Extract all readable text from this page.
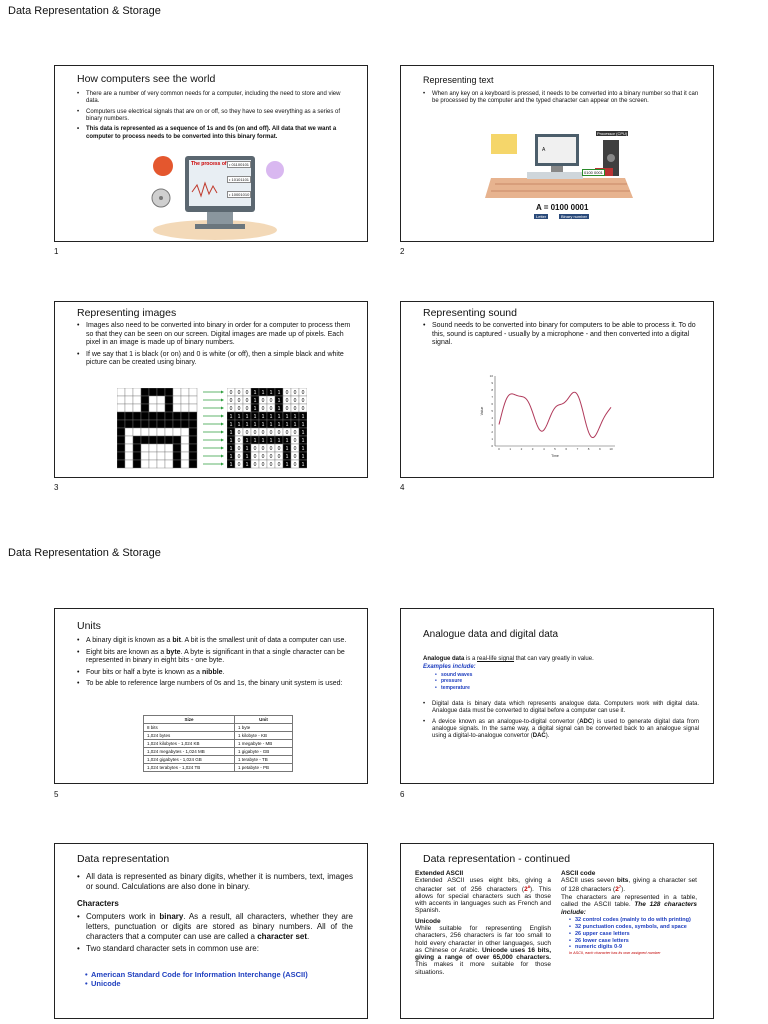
Data Representation & Storage
Data Representation & Storage
How computers see the world
• There are a number of very common needs for a computer, including the need to store and view data.
• Computers use electrical signals that are on or off, so they have to see everything as a series of binary numbers.
• This data is represented as a sequence of 1s and 0s (on and off). All data that we want a computer to process needs to be converted into this binary format.
The process of • 01100101
• 10101101
• 10001010
1
Representing text
• When any key on a keyboard is pressed, it needs to be converted into a binary number so that it can be processed by the computer and the typed character can appear on the screen.
A
0100 0001
Processor (CPU)
A = 0100 0001
Letter	Binary number
2
Representing images
• Images also need to be converted into binary in order for a computer to process them so that they can be seen on our screen. Digital images are made up of pixels. Each pixel in an image is made up of binary numbers.
• If we say that 1 is black (or on) and 0 is white (or off), then a simple black and white picture can be created using binary.
0 0 0 1 1 1 1 0 0 0
0 0 0 1 0 0 1 0 0 0
0 0 0 1 0 0 1 0 0 0
1 1 1 1 1 1 1 1 1 1
1 1 1 1 1 1 1 1 1 1
1 0 0 0 0 0 0 0 0 1
1 0 1 1 1 1 1 1 0 1
1 0 1 0 0 0 0 1 0 1
1 0 1 0 0 0 0 1 0 1
1 0 1 0 0 0 0 1 0 1
3
Representing sound
• Sound needs to be converted into binary for computers to be able to process it. To do this, sound is captured - usually by a microphone - and then converted into a digital signal.
0
1
2
3
4
5
6
7
8
9
10
0	1	2	3	4	5	6	7	8	9	10
Value
Time
4
Units
• A binary digit is known as a bit. A bit is the smallest unit of data a computer can use.
• Eight bits are known as a byte. A byte is significant in that a single character can be represented in binary in eight bits - one byte.
• Four bits or half a byte is known as a nibble.
• To be able to reference large numbers of 0s and 1s, the binary unit system is used:
Size	Unit
8 bits	1 byte
1,024 bytes	1 kilobyte - KB
1,024 kilobytes - 1,024 KB	1 megabyte - MB
1,024 megabytes - 1,024 MB	1 gigabyte - GB
1,024 gigabytes - 1,024 GB	1 terabyte - TB
1,024 terabytes - 1,024 TB	1 petabyte - PB
5
Analogue data and digital data
Analogue data is a real-life signal that can vary greatly in value.
Examples include:
• sound waves
• pressure
• temperature
• Digital data is binary data which represents analogue data. Computers work with digital data. Analogue data must be converted to digital before a computer can use it.
• A device known as an analogue-to-digital convertor (ADC) is used to generate digital data from analogue signals. In the same way, a digital signal can be converted back to an analogue signal using a digital-to-analogue convertor (DAC).
6
Data representation
• All data is represented as binary digits, whether it is numbers, text, images or sound. Calculations are also done in binary.
Characters
• Computers work in binary. As a result, all characters, whether they are letters, punctuation or digits are stored as binary numbers. All of the characters that a computer can use are called a character set.
• Two standard character sets in common use are:
• American Standard Code for Information Interchange (ASCII)
• Unicode
Data representation - continued
Extended ASCII
Extended ASCII uses eight bits, giving a character set of 256 characters $(2^8)$. This allows for special characters such as those with accents in languages such as French and Spanish.
Unicode
While suitable for representing English characters, 256 characters is far too small to hold every character in other languages, such as Chinese or Arabic. Unicode uses 16 bits, giving a range of over 65,000 characters. This makes it more suitable for those situations.
ASCII code
ASCII uses seven bits, giving a character set of 128 characters $(2^7)$.
The characters are represented in a table, called the ASCII table. The 128 characters include:
• 32 control codes (mainly to do with printing)
• 32 punctuation codes, symbols, and space
• 26 upper case letters
• 26 lower case letters
• numeric digits 0-9
In ASCII, each character has its own assigned number
